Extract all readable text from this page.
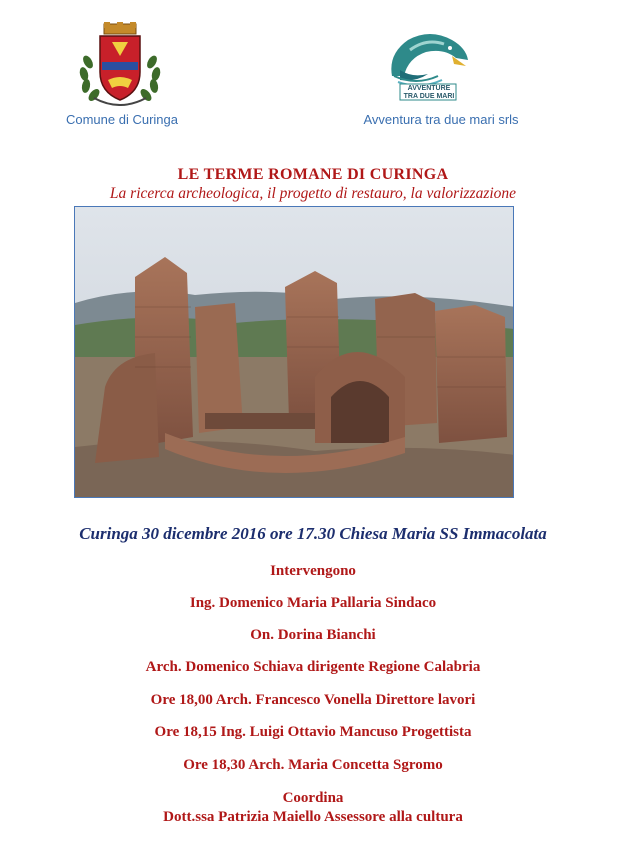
Comune di Curinga
AVVENTURE
TRA DUE MARI
Avventura tra due mari srls
LE TERME ROMANE DI CURINGA
La ricerca archeologica, il progetto di restauro, la valorizzazione
Curinga 30 dicembre 2016 ore 17.30 Chiesa Maria SS Immacolata
Intervengono
Ing. Domenico Maria Pallaria Sindaco
On. Dorina Bianchi
Arch. Domenico Schiava dirigente Regione Calabria
Ore 18,00 Arch. Francesco Vonella Direttore lavori
Ore 18,15 Ing. Luigi Ottavio Mancuso Progettista
Ore 18,30 Arch. Maria Concetta Sgromo
Coordina
Dott.ssa Patrizia Maiello Assessore alla cultura
